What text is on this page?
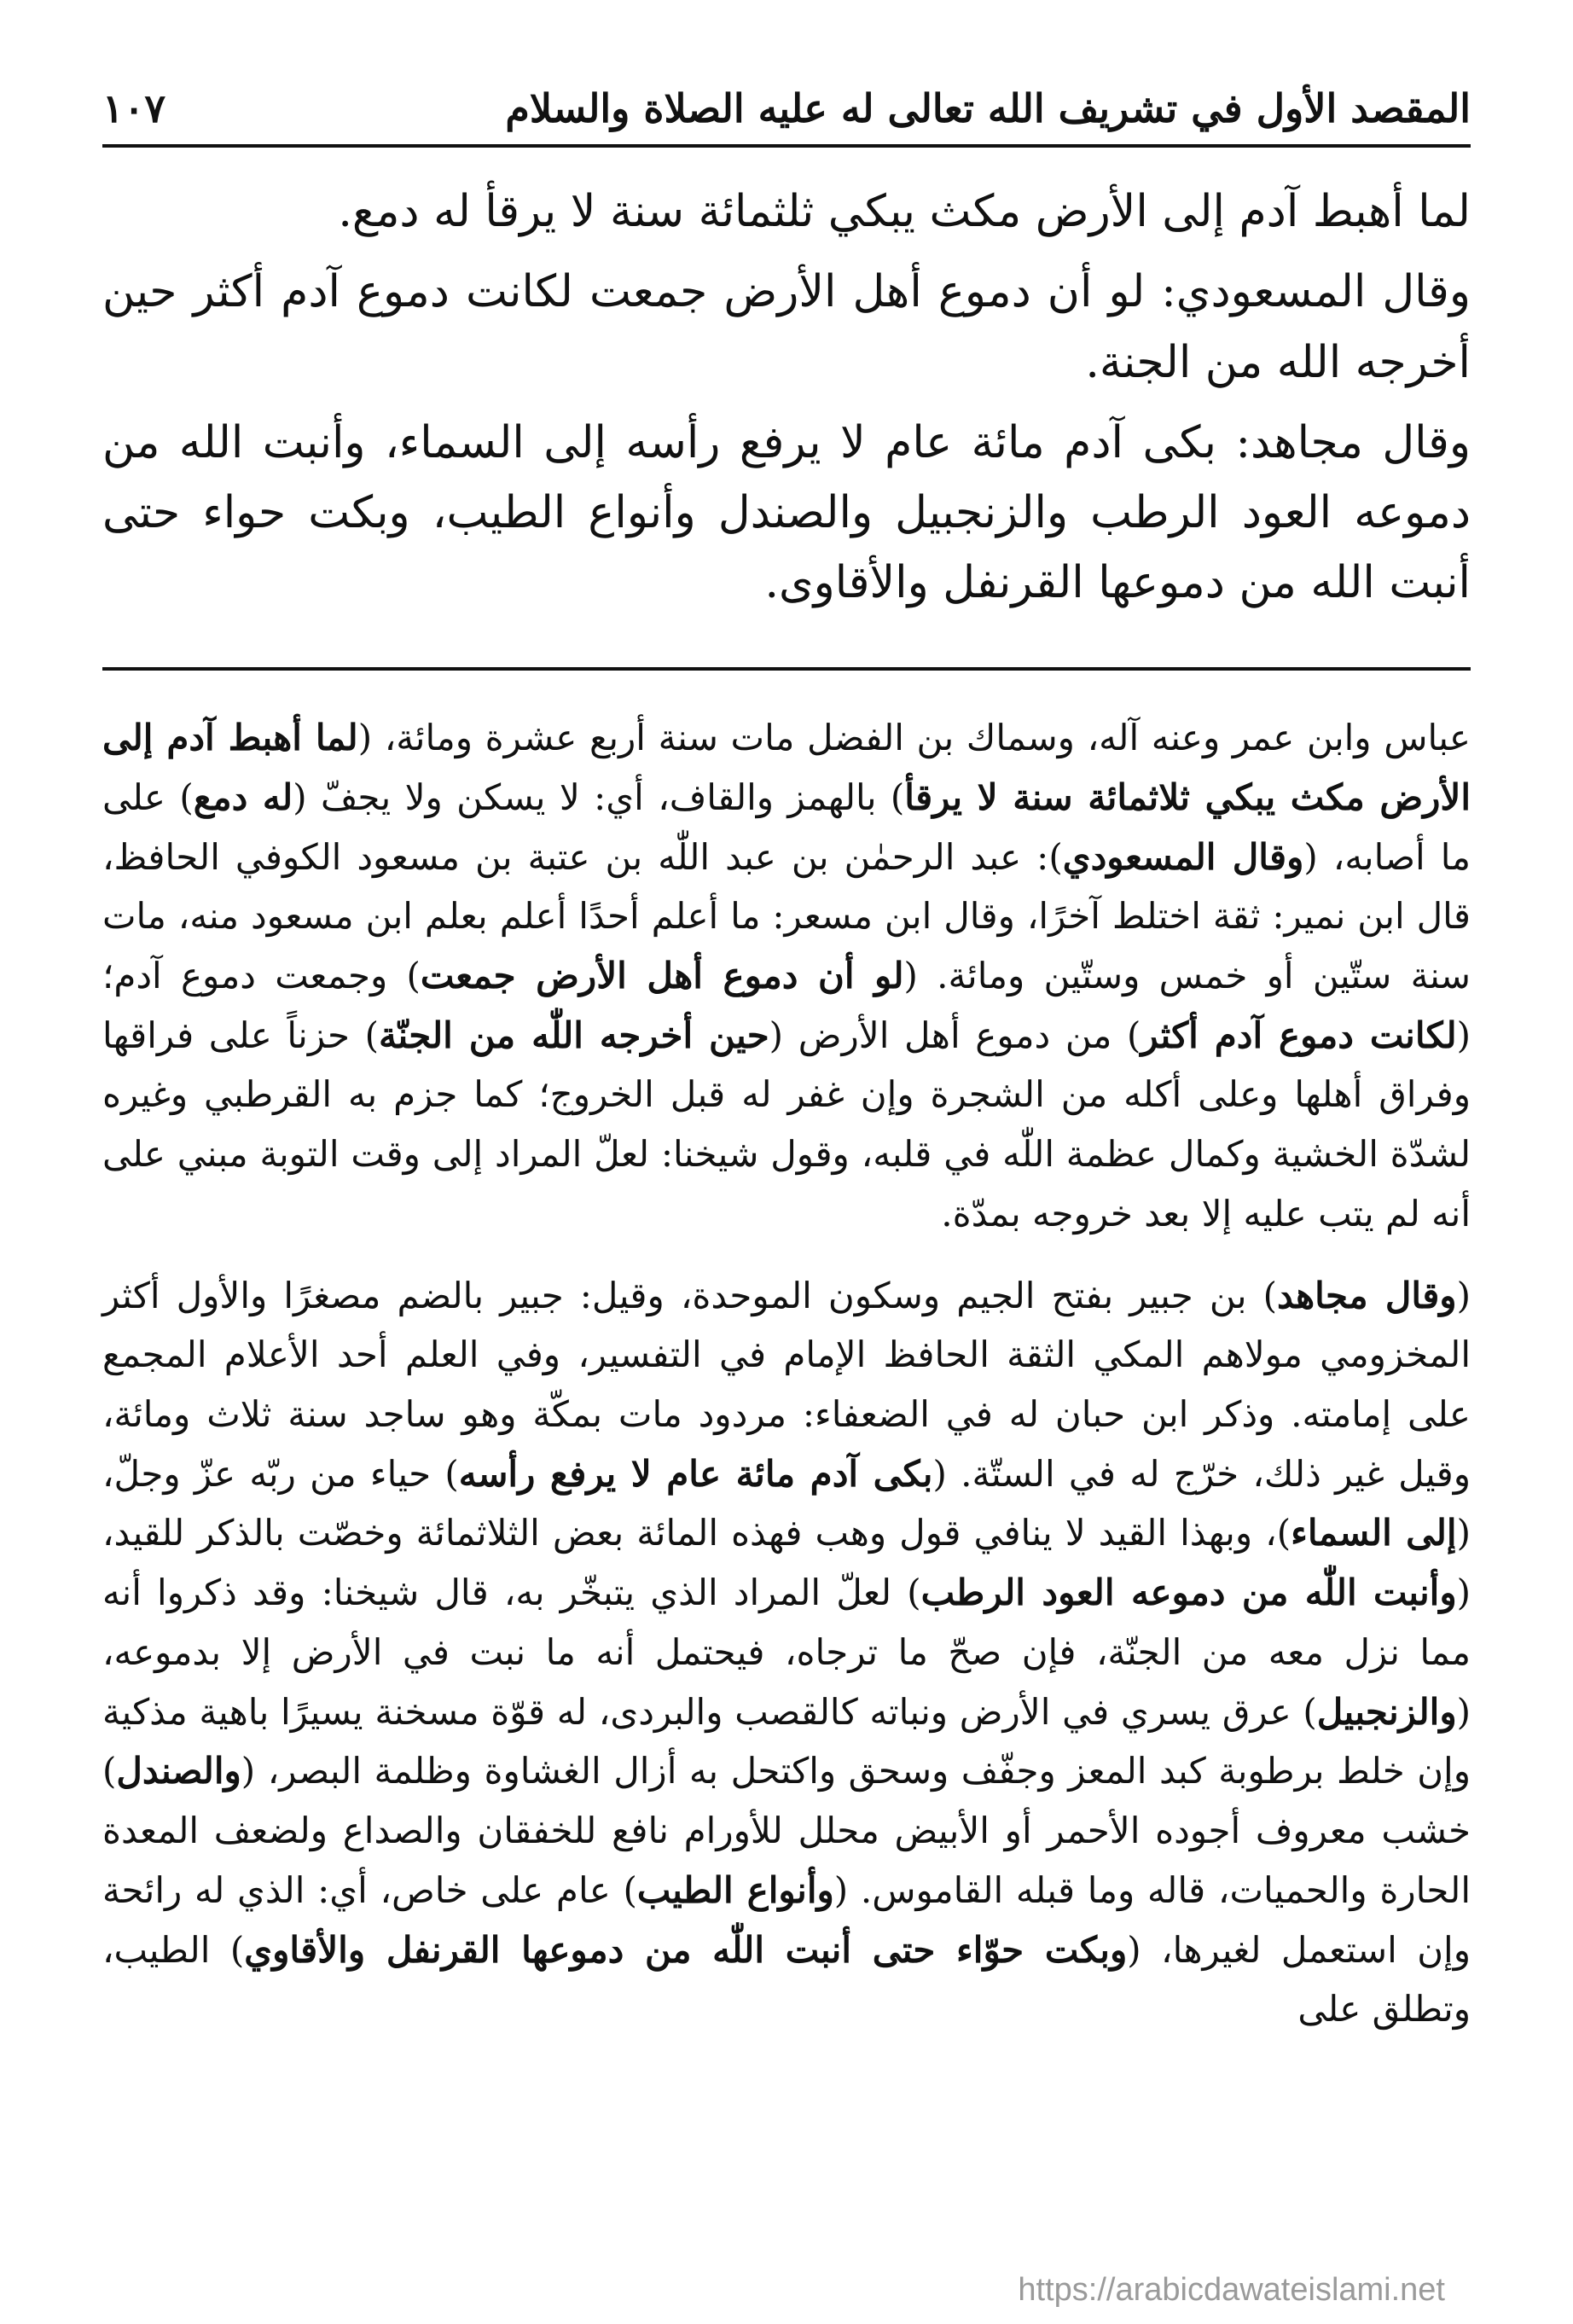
المقصد الأول في تشريف الله تعالى له عليه الصلاة والسلام
١٠٧

لما أهبط آدم إلى الأرض مكث يبكي ثلثمائة سنة لا يرقأ له دمع.

وقال المسعودي: لو أن دموع أهل الأرض جمعت لكانت دموع آدم أكثر حين أخرجه الله من الجنة.

وقال مجاهد: بكى آدم مائة عام لا يرفع رأسه إلى السماء، وأنبت الله من دموعه العود الرطب والزنجبيل والصندل وأنواع الطيب، وبكت حواء حتى أنبت الله من دموعها القرنفل والأقاوى.

عباس وابن عمر وعنه آله، وسماك بن الفضل مات سنة أربع عشرة ومائة، (لما أهبط آدم إلى الأرض مكث يبكي ثلاثمائة سنة لا يرقأ) بالهمز والقاف، أي: لا يسكن ولا يجفّ (له دمع) على ما أصابه، (وقال المسعودي): عبد الرحمٰن بن عبد اللّٰه بن عتبة بن مسعود الكوفي الحافظ، قال ابن نمير: ثقة اختلط آخرًا، وقال ابن مسعر: ما أعلم أحدًا أعلم بعلم ابن مسعود منه، مات سنة ستّين أو خمس وستّين ومائة. (لو أن دموع أهل الأرض جمعت) وجمعت دموع آدم؛ (لكانت دموع آدم أكثر) من دموع أهل الأرض (حين أخرجه اللّٰه من الجنّة) حزناً على فراقها وفراق أهلها وعلى أكله من الشجرة وإن غفر له قبل الخروج؛ كما جزم به القرطبي وغيره لشدّة الخشية وكمال عظمة اللّٰه في قلبه، وقول شيخنا: لعلّ المراد إلى وقت التوبة مبني على أنه لم يتب عليه إلا بعد خروجه بمدّة.

(وقال مجاهد) بن جبير بفتح الجيم وسكون الموحدة، وقيل: جبير بالضم مصغرًا والأول أكثر المخزومي مولاهم المكي الثقة الحافظ الإمام في التفسير، وفي العلم أحد الأعلام المجمع على إمامته. وذكر ابن حبان له في الضعفاء: مردود مات بمكّة وهو ساجد سنة ثلاث ومائة، وقيل غير ذلك، خرّج له في الستّة. (بكى آدم مائة عام لا يرفع رأسه) حياء من ربّه عزّ وجلّ، (إلى السماء)، وبهذا القيد لا ينافي قول وهب فهذه المائة بعض الثلاثمائة وخصّت بالذكر للقيد، (وأنبت اللّٰه من دموعه العود الرطب) لعلّ المراد الذي يتبخّر به، قال شيخنا: وقد ذكروا أنه مما نزل معه من الجنّة، فإن صحّ ما ترجاه، فيحتمل أنه ما نبت في الأرض إلا بدموعه، (والزنجبيل) عرق يسري في الأرض ونباته كالقصب والبردى، له قوّة مسخنة يسيرًا باهية مذكية وإن خلط برطوبة كبد المعز وجفّف وسحق واكتحل به أزال الغشاوة وظلمة البصر، (والصندل) خشب معروف أجوده الأحمر أو الأبيض محلل للأورام نافع للخفقان والصداع ولضعف المعدة الحارة والحميات، قاله وما قبله القاموس. (وأنواع الطيب) عام على خاص، أي: الذي له رائحة وإن استعمل لغيرها، (وبكت حوّاء حتى أنبت اللّٰه من دموعها القرنفل والأقاوي) الطيب، وتطلق على

https://arabicdawateislami.net
